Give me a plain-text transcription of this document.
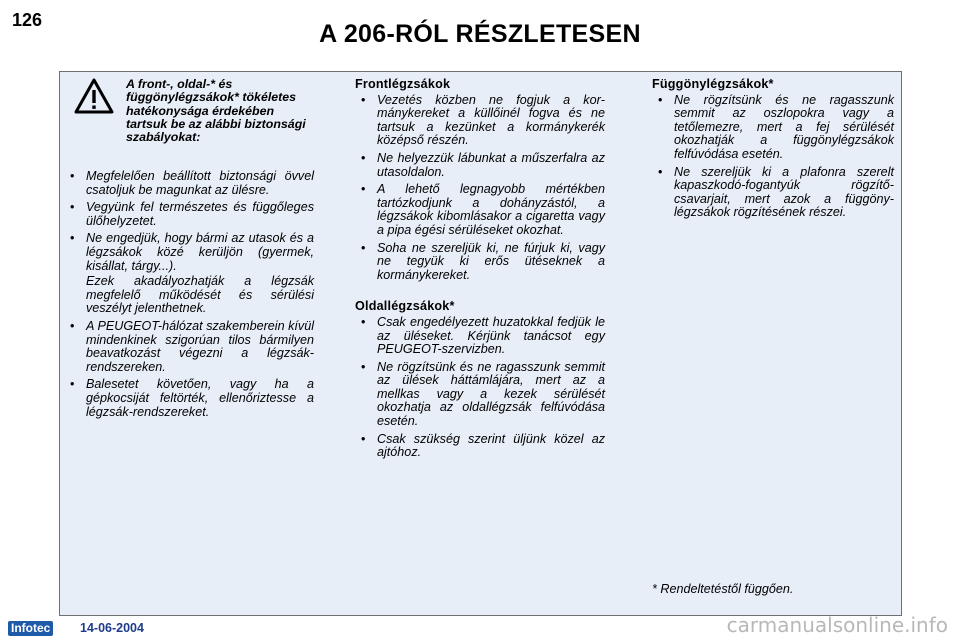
126	A 206-RÓL RÉSZLETESEN
A front-, oldal-* és függönylégzsákok* tökéletes hatékonysága érdekében tartsuk be az alábbi biztonsági szabályokat:
• Megfelelően beállított biztonsági övvel csatoljuk be magunkat az ülésre.
• Vegyünk fel természetes és függőleges ülőhelyzetet.
• Ne engedjük, hogy bármi az utasok és a légzsákok közé kerüljön (gyermek, kisállat, tárgy...).
Ezek akadályozhatják a légzsák megfelelő működését és sérülési veszélyt jelenthetnek.
• A PEUGEOT-hálózat szakemberein kívül mindenkinek szigorúan tilos bármilyen beavatkozást végezni a légzsák-rendszereken.
• Balesetet követően, vagy ha a gépkocsiját feltörték, ellenőriztesse a légzsák-rendszereket.
Frontlégzsákok
• Vezetés közben ne fogjuk a kormánykereket a küllőinél fogva és ne tartsuk a kezünket a kormánykerék középső részén.
• Ne helyezzük lábunkat a műszerfalra az utasoldalon.
• A lehető legnagyobb mértékben tartózkodjunk a dohányzástól, a légzsákok kibomlásakor a cigaretta vagy a pipa égési sérüléseket okozhat.
• Soha ne szereljük ki, ne fúrjuk ki, vagy ne tegyük ki erős ütéseknek a kormánykereket.
Oldallégzsákok*
• Csak engedélyezett huzatokkal fedjük le az üléseket. Kérjünk tanácsot egy PEUGEOT-szervizben.
• Ne rögzítsünk és ne ragasszunk semmit az ülések háttámlájára, mert az a mellkas vagy a kezek sérülését okozhatja az oldallégzsák felfúvódása esetén.
• Csak szükség szerint üljünk közel az ajtóhoz.
Függönylégzsákok*
• Ne rögzítsünk és ne ragasszunk semmit az oszlopokra vagy a tetőlemezre, mert a fej sérülését okozhatják a függönylégzsákok felfúvódása esetén.
• Ne szereljük ki a plafonra szerelt kapaszkodó-fogantyúk rögzítőcsavarjait, mert azok a függönylégzsákok rögzítésének részei.
* Rendeltetéstől függően.
Infotec 14-06-2004	carmanualsonline.info
